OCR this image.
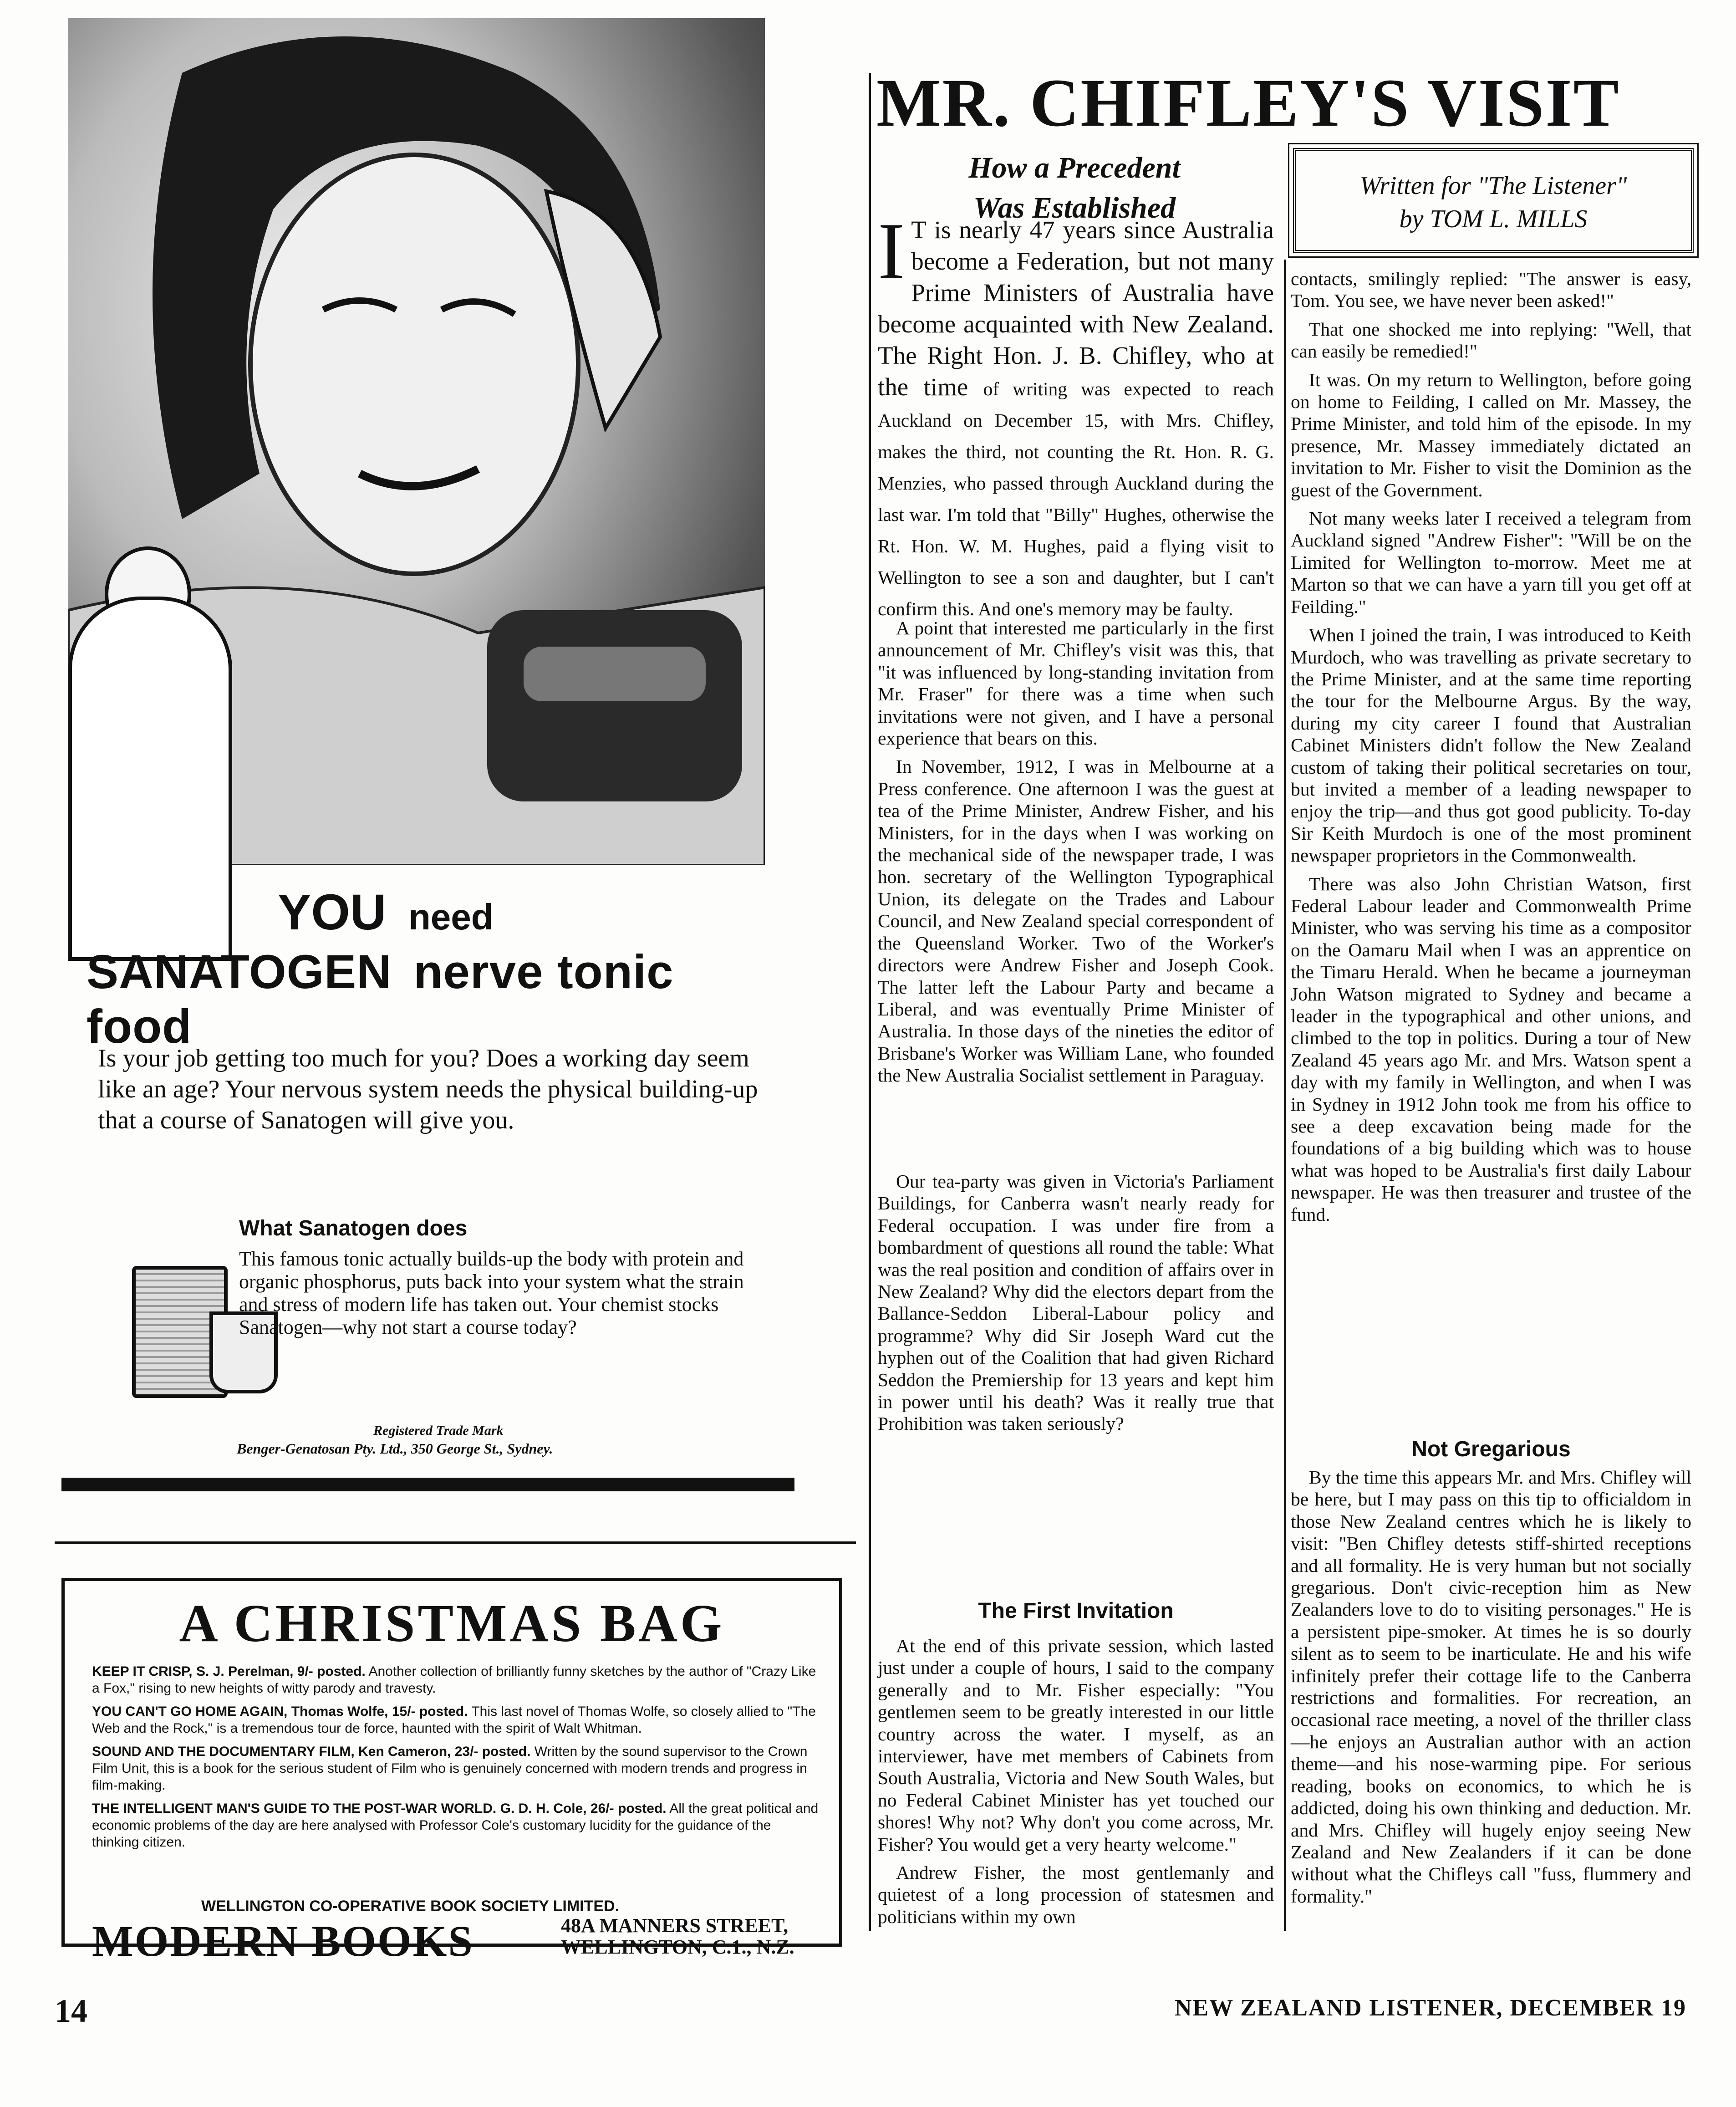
YOU need
SANATOGEN nerve tonic food
Is your job getting too much for you? Does a working day seem like an age? Your nervous system needs the physical building-up that a course of Sanatogen will give you.
What Sanatogen does
This famous tonic actually builds-up the body with protein and organic phosphorus, puts back into your system what the strain and stress of modern life has taken out. Your chemist stocks Sanatogen—why not start a course today?
Registered Trade Mark
Benger-Genatosan Pty. Ltd., 350 George St., Sydney.
A CHRISTMAS BAG
KEEP IT CRISP, S. J. Perelman, 9/- posted. Another collection of brilliantly funny sketches by the author of "Crazy Like a Fox," rising to new heights of witty parody and travesty.
YOU CAN'T GO HOME AGAIN, Thomas Wolfe, 15/- posted. This last novel of Thomas Wolfe, so closely allied to "The Web and the Rock," is a tremendous tour de force, haunted with the spirit of Walt Whitman.
SOUND AND THE DOCUMENTARY FILM, Ken Cameron, 23/- posted. Written by the sound supervisor to the Crown Film Unit, this is a book for the serious student of Film who is genuinely concerned with modern trends and progress in film-making.
THE INTELLIGENT MAN'S GUIDE TO THE POST-WAR WORLD. G. D. H. Cole, 26/- posted. All the great political and economic problems of the day are here analysed with Professor Cole's customary lucidity for the guidance of the thinking citizen.
WELLINGTON CO-OPERATIVE BOOK SOCIETY LIMITED.
MODERN BOOKS	48A MANNERS STREET,
WELLINGTON, C.1., N.Z.
MR. CHIFLEY'S VISIT
How a Precedent
Was Established
Written for "The Listener"
by TOM L. MILLS
I T is nearly 47 years since Australia become a Federation, but not many Prime Ministers of Australia have become acquainted with New Zealand. The Right Hon. J. B. Chifley, who at the time of writing was expected to reach Auckland on December 15, with Mrs. Chifley, makes the third, not counting the Rt. Hon. R. G. Menzies, who passed through Auckland during the last war. I'm told that "Billy" Hughes, otherwise the Rt. Hon. W. M. Hughes, paid a flying visit to Wellington to see a son and daughter, but I can't confirm this. And one's memory may be faulty.

A point that interested me particularly in the first announcement of Mr. Chifley's visit was this, that "it was influenced by long-standing invitation from Mr. Fraser" for there was a time when such invitations were not given, and I have a personal experience that bears on this.

In November, 1912, I was in Melbourne at a Press conference. One afternoon I was the guest at tea of the Prime Minister, Andrew Fisher, and his Ministers, for in the days when I was working on the mechanical side of the newspaper trade, I was hon. secretary of the Wellington Typographical Union, its delegate on the Trades and Labour Council, and New Zealand special correspondent of the Queensland Worker. Two of the Worker's directors were Andrew Fisher and Joseph Cook. The latter left the Labour Party and became a Liberal, and was eventually Prime Minister of Australia. In those days of the nineties the editor of Brisbane's Worker was William Lane, who founded the New Australia Socialist settlement in Paraguay.

Our tea-party was given in Victoria's Parliament Buildings, for Canberra wasn't nearly ready for Federal occupation. I was under fire from a bombardment of questions all round the table: What was the real position and condition of affairs over in New Zealand? Why did the electors depart from the Ballance-Seddon Liberal-Labour policy and programme? Why did Sir Joseph Ward cut the hyphen out of the Coalition that had given Richard Seddon the Premiership for 13 years and kept him in power until his death? Was it really true that Prohibition was taken seriously?

The First Invitation

At the end of this private session, which lasted just under a couple of hours, I said to the company generally and to Mr. Fisher especially: "You gentlemen seem to be greatly interested in our little country across the water. I myself, as an interviewer, have met members of Cabinets from South Australia, Victoria and New South Wales, but no Federal Cabinet Minister has yet touched our shores! Why not? Why don't you come across, Mr. Fisher? You would get a very hearty welcome."

Andrew Fisher, the most gentlemanly and quietest of a long procession of statesmen and politicians within my own

contacts, smilingly replied: "The answer is easy, Tom. You see, we have never been asked!"

That one shocked me into replying: "Well, that can easily be remedied!"

It was. On my return to Wellington, before going on home to Feilding, I called on Mr. Massey, the Prime Minister, and told him of the episode. In my presence, Mr. Massey immediately dictated an invitation to Mr. Fisher to visit the Dominion as the guest of the Government.

Not many weeks later I received a telegram from Auckland signed "Andrew Fisher": "Will be on the Limited for Wellington to-morrow. Meet me at Marton so that we can have a yarn till you get off at Feilding."

When I joined the train, I was introduced to Keith Murdoch, who was travelling as private secretary to the Prime Minister, and at the same time reporting the tour for the Melbourne Argus. By the way, during my city career I found that Australian Cabinet Ministers didn't follow the New Zealand custom of taking their political secretaries on tour, but invited a member of a leading newspaper to enjoy the trip—and thus got good publicity. To-day Sir Keith Murdoch is one of the most prominent newspaper proprietors in the Commonwealth.

There was also John Christian Watson, first Federal Labour leader and Commonwealth Prime Minister, who was serving his time as a compositor on the Oamaru Mail when I was an apprentice on the Timaru Herald. When he became a journeyman John Watson migrated to Sydney and became a leader in the typographical and other unions, and climbed to the top in politics. During a tour of New Zealand 45 years ago Mr. and Mrs. Watson spent a day with my family in Wellington, and when I was in Sydney in 1912 John took me from his office to see a deep excavation being made for the foundations of a big building which was to house what was hoped to be Australia's first daily Labour newspaper. He was then treasurer and trustee of the fund.

Not Gregarious

By the time this appears Mr. and Mrs. Chifley will be here, but I may pass on this tip to officialdom in those New Zealand centres which he is likely to visit: "Ben Chifley detests stiff-shirted receptions and all formality. He is very human but not socially gregarious. Don't civic-reception him as New Zealanders love to do to visiting personages." He is a persistent pipe-smoker. At times he is so dourly silent as to seem to be inarticulate. He and his wife infinitely prefer their cottage life to the Canberra restrictions and formalities. For recreation, an occasional race meeting, a novel of the thriller class—he enjoys an Australian author with an action theme—and his nose-warming pipe. For serious reading, books on economics, to which he is addicted, doing his own thinking and deduction. Mr. and Mrs. Chifley will hugely enjoy seeing New Zealand and New Zealanders if it can be done without what the Chifleys call "fuss, flummery and formality."

14	NEW ZEALAND LISTENER, DECEMBER 19
